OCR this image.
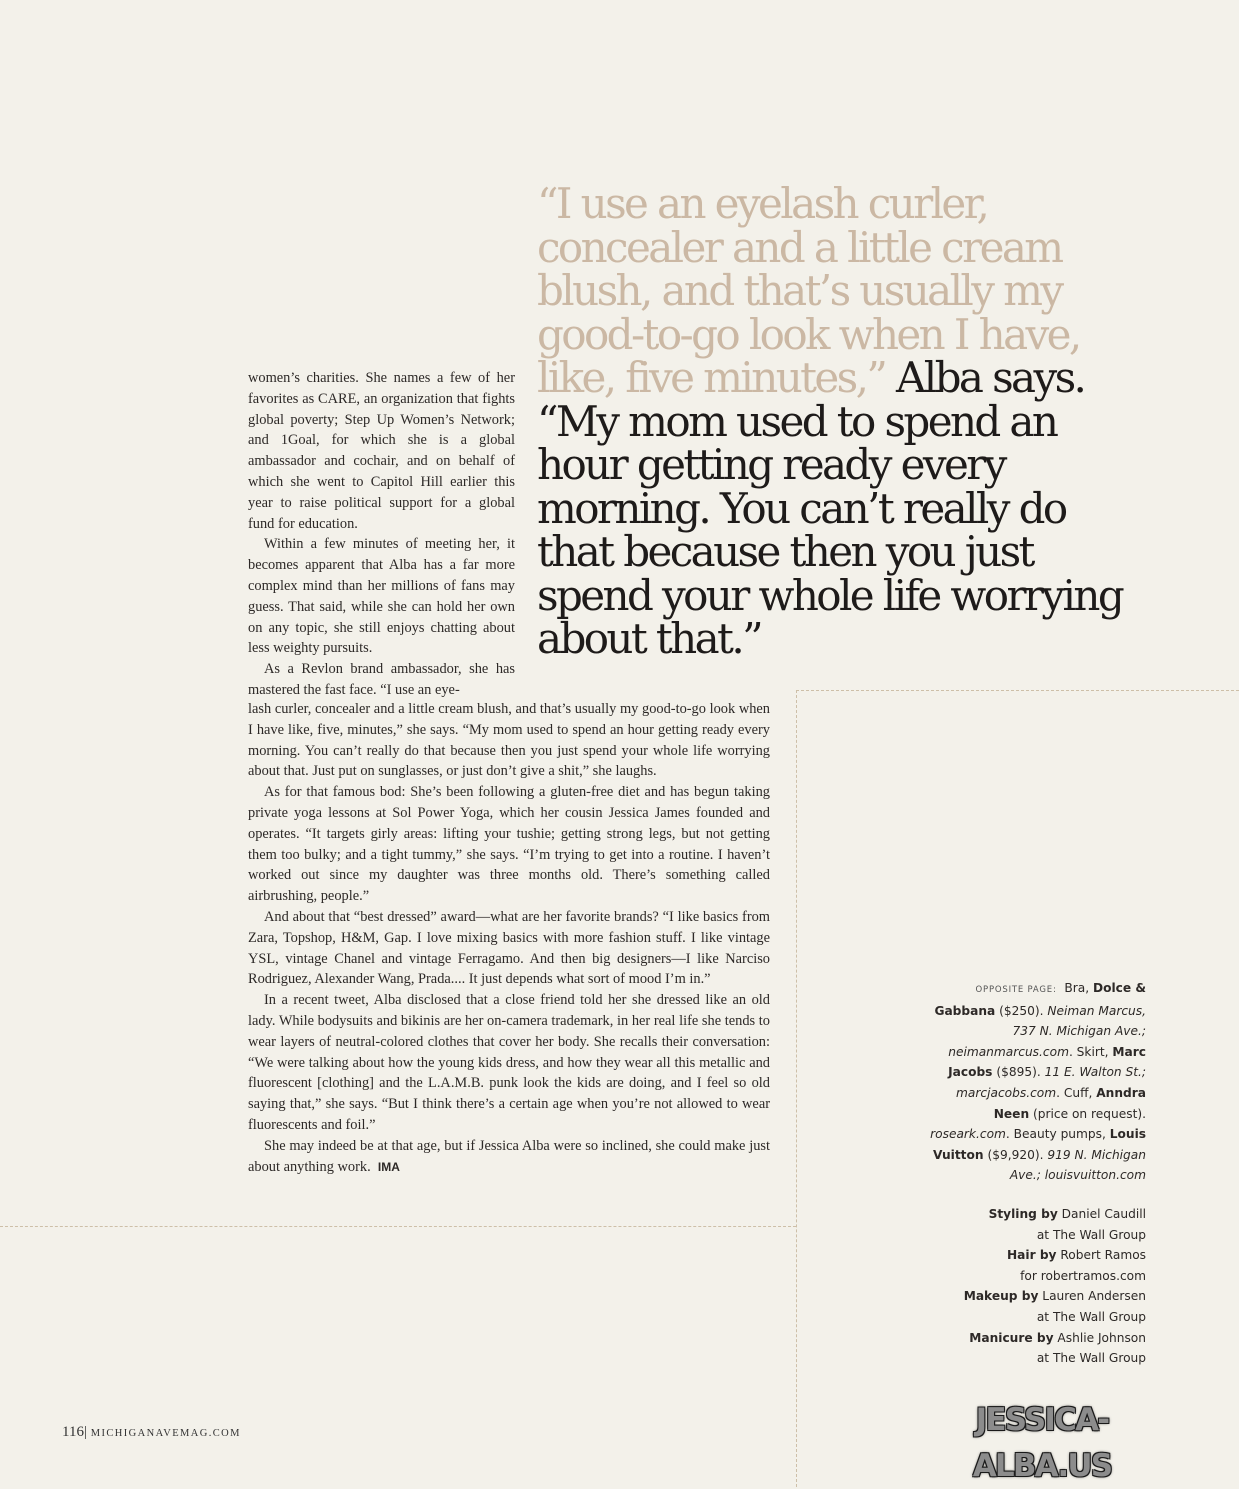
“I use an eyelash curler, concealer and a little cream blush, and that’s usually my good-to-go look when I have, like, five minutes,” Alba says. “My mom used to spend an hour getting ready every morning. You can’t really do that because then you just spend your whole life worrying about that.”

women’s charities. She names a few of her favorites as CARE, an organization that fights global poverty; Step Up Women’s Network; and 1Goal, for which she is a global ambassador and cochair, and on behalf of which she went to Capitol Hill earlier this year to raise political support for a global fund for education.

Within a few minutes of meeting her, it becomes apparent that Alba has a far more complex mind than her millions of fans may guess. That said, while she can hold her own on any topic, she still enjoys chatting about less weighty pursuits.

As a Revlon brand ambassador, she has mastered the fast face. “I use an eye-

lash curler, concealer and a little cream blush, and that’s usually my good-to-go look when I have like, five, minutes,” she says. “My mom used to spend an hour getting ready every morning. You can’t really do that because then you just spend your whole life worrying about that. Just put on sunglasses, or just don’t give a shit,” she laughs.

As for that famous bod: She’s been following a gluten-free diet and has begun taking private yoga lessons at Sol Power Yoga, which her cousin Jessica James founded and operates. “It targets girly areas: lifting your tushie; getting strong legs, but not getting them too bulky; and a tight tummy,” she says. “I’m trying to get into a routine. I haven’t worked out since my daughter was three months old. There’s something called airbrushing, people.”

And about that “best dressed” award—what are her favorite brands? “I like basics from Zara, Topshop, H&M, Gap. I love mixing basics with more fashion stuff. I like vintage YSL, vintage Chanel and vintage Ferragamo. And then big designers—I like Narciso Rodriguez, Alexander Wang, Prada.... It just depends what sort of mood I’m in.”

In a recent tweet, Alba disclosed that a close friend told her she dressed like an old lady. While bodysuits and bikinis are her on-camera trademark, in her real life she tends to wear layers of neutral-colored clothes that cover her body. She recalls their conversation: “We were talking about how the young kids dress, and how they wear all this metallic and fluorescent [clothing] and the L.A.M.B. punk look the kids are doing, and I feel so old saying that,” she says. “But I think there’s a certain age when you’re not allowed to wear fluorescents and foil.”

She may indeed be at that age, but if Jessica Alba were so inclined, she could make just about anything work. IMA

OPPOSITE PAGE: Bra, Dolce & Gabbana ($250). Neiman Marcus, 737 N. Michigan Ave.; neimanmarcus.com. Skirt, Marc Jacobs ($895). 11 E. Walton St.; marcjacobs.com. Cuff, Anndra Neen (price on request). roseark.com. Beauty pumps, Louis Vuitton ($9,920). 919 N. Michigan Ave.; louisvuitton.com
Styling by Daniel Caudill
at The Wall Group
Hair by Robert Ramos
for robertramos.com
Makeup by Lauren Andersen
at The Wall Group
Manicure by Ashlie Johnson
at The Wall Group
116| MICHIGANAVEMAG.COM	JESSICA-ALBA.US
